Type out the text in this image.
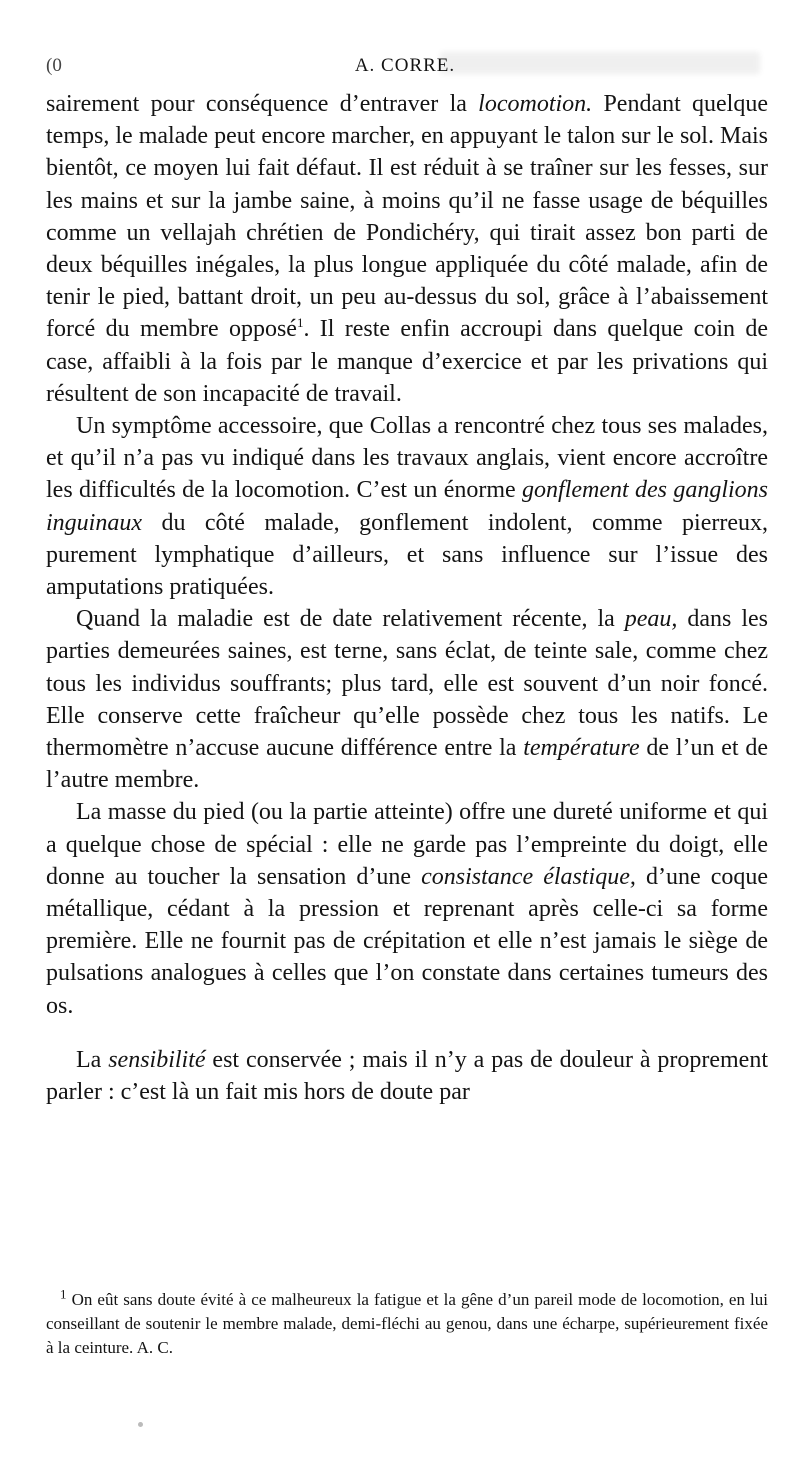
(0	A. CORRE.

sairement pour conséquence d’entraver la locomotion. Pendant quelque temps, le malade peut encore marcher, en appuyant le talon sur le sol. Mais bientôt, ce moyen lui fait défaut. Il est réduit à se traîner sur les fesses, sur les mains et sur la jambe saine, à moins qu’il ne fasse usage de béquilles comme un vellajah chrétien de Pondichéry, qui tirait assez bon parti de deux béquilles inégales, la plus longue appliquée du côté malade, afin de tenir le pied, battant droit, un peu au-dessus du sol, grâce à l’abaissement forcé du membre opposé$^1$. Il reste enfin accroupi dans quelque coin de case, affaibli à la fois par le manque d’exercice et par les privations qui résultent de son incapacité de travail.

Un symptôme accessoire, que Collas a rencontré chez tous ses malades, et qu’il n’a pas vu indiqué dans les travaux anglais, vient encore accroître les difficultés de la locomotion. C’est un énorme gonflement des ganglions inguinaux du côté malade, gonflement indolent, comme pierreux, purement lymphatique d’ailleurs, et sans influence sur l’issue des amputations pratiquées.

Quand la maladie est de date relativement récente, la peau, dans les parties demeurées saines, est terne, sans éclat, de teinte sale, comme chez tous les individus souffrants; plus tard, elle est souvent d’un noir foncé. Elle conserve cette fraîcheur qu’elle possède chez tous les natifs. Le thermomètre n’accuse aucune différence entre la température de l’un et de l’autre membre.

La masse du pied (ou la partie atteinte) offre une dureté uniforme et qui a quelque chose de spécial : elle ne garde pas l’empreinte du doigt, elle donne au toucher la sensation d’une consistance élastique, d’une coque métallique, cédant à la pression et reprenant après celle-ci sa forme première. Elle ne fournit pas de crépitation et elle n’est jamais le siège de pulsations analogues à celles que l’on constate dans certaines tumeurs des os.

La sensibilité est conservée ; mais il n’y a pas de douleur à proprement parler : c’est là un fait mis hors de doute par

$^1$ On eût sans doute évité à ce malheureux la fatigue et la gêne d’un pareil mode de locomotion, en lui conseillant de soutenir le membre malade, demi-fléchi au genou, dans une écharpe, supérieurement fixée à la ceinture. A. C.
